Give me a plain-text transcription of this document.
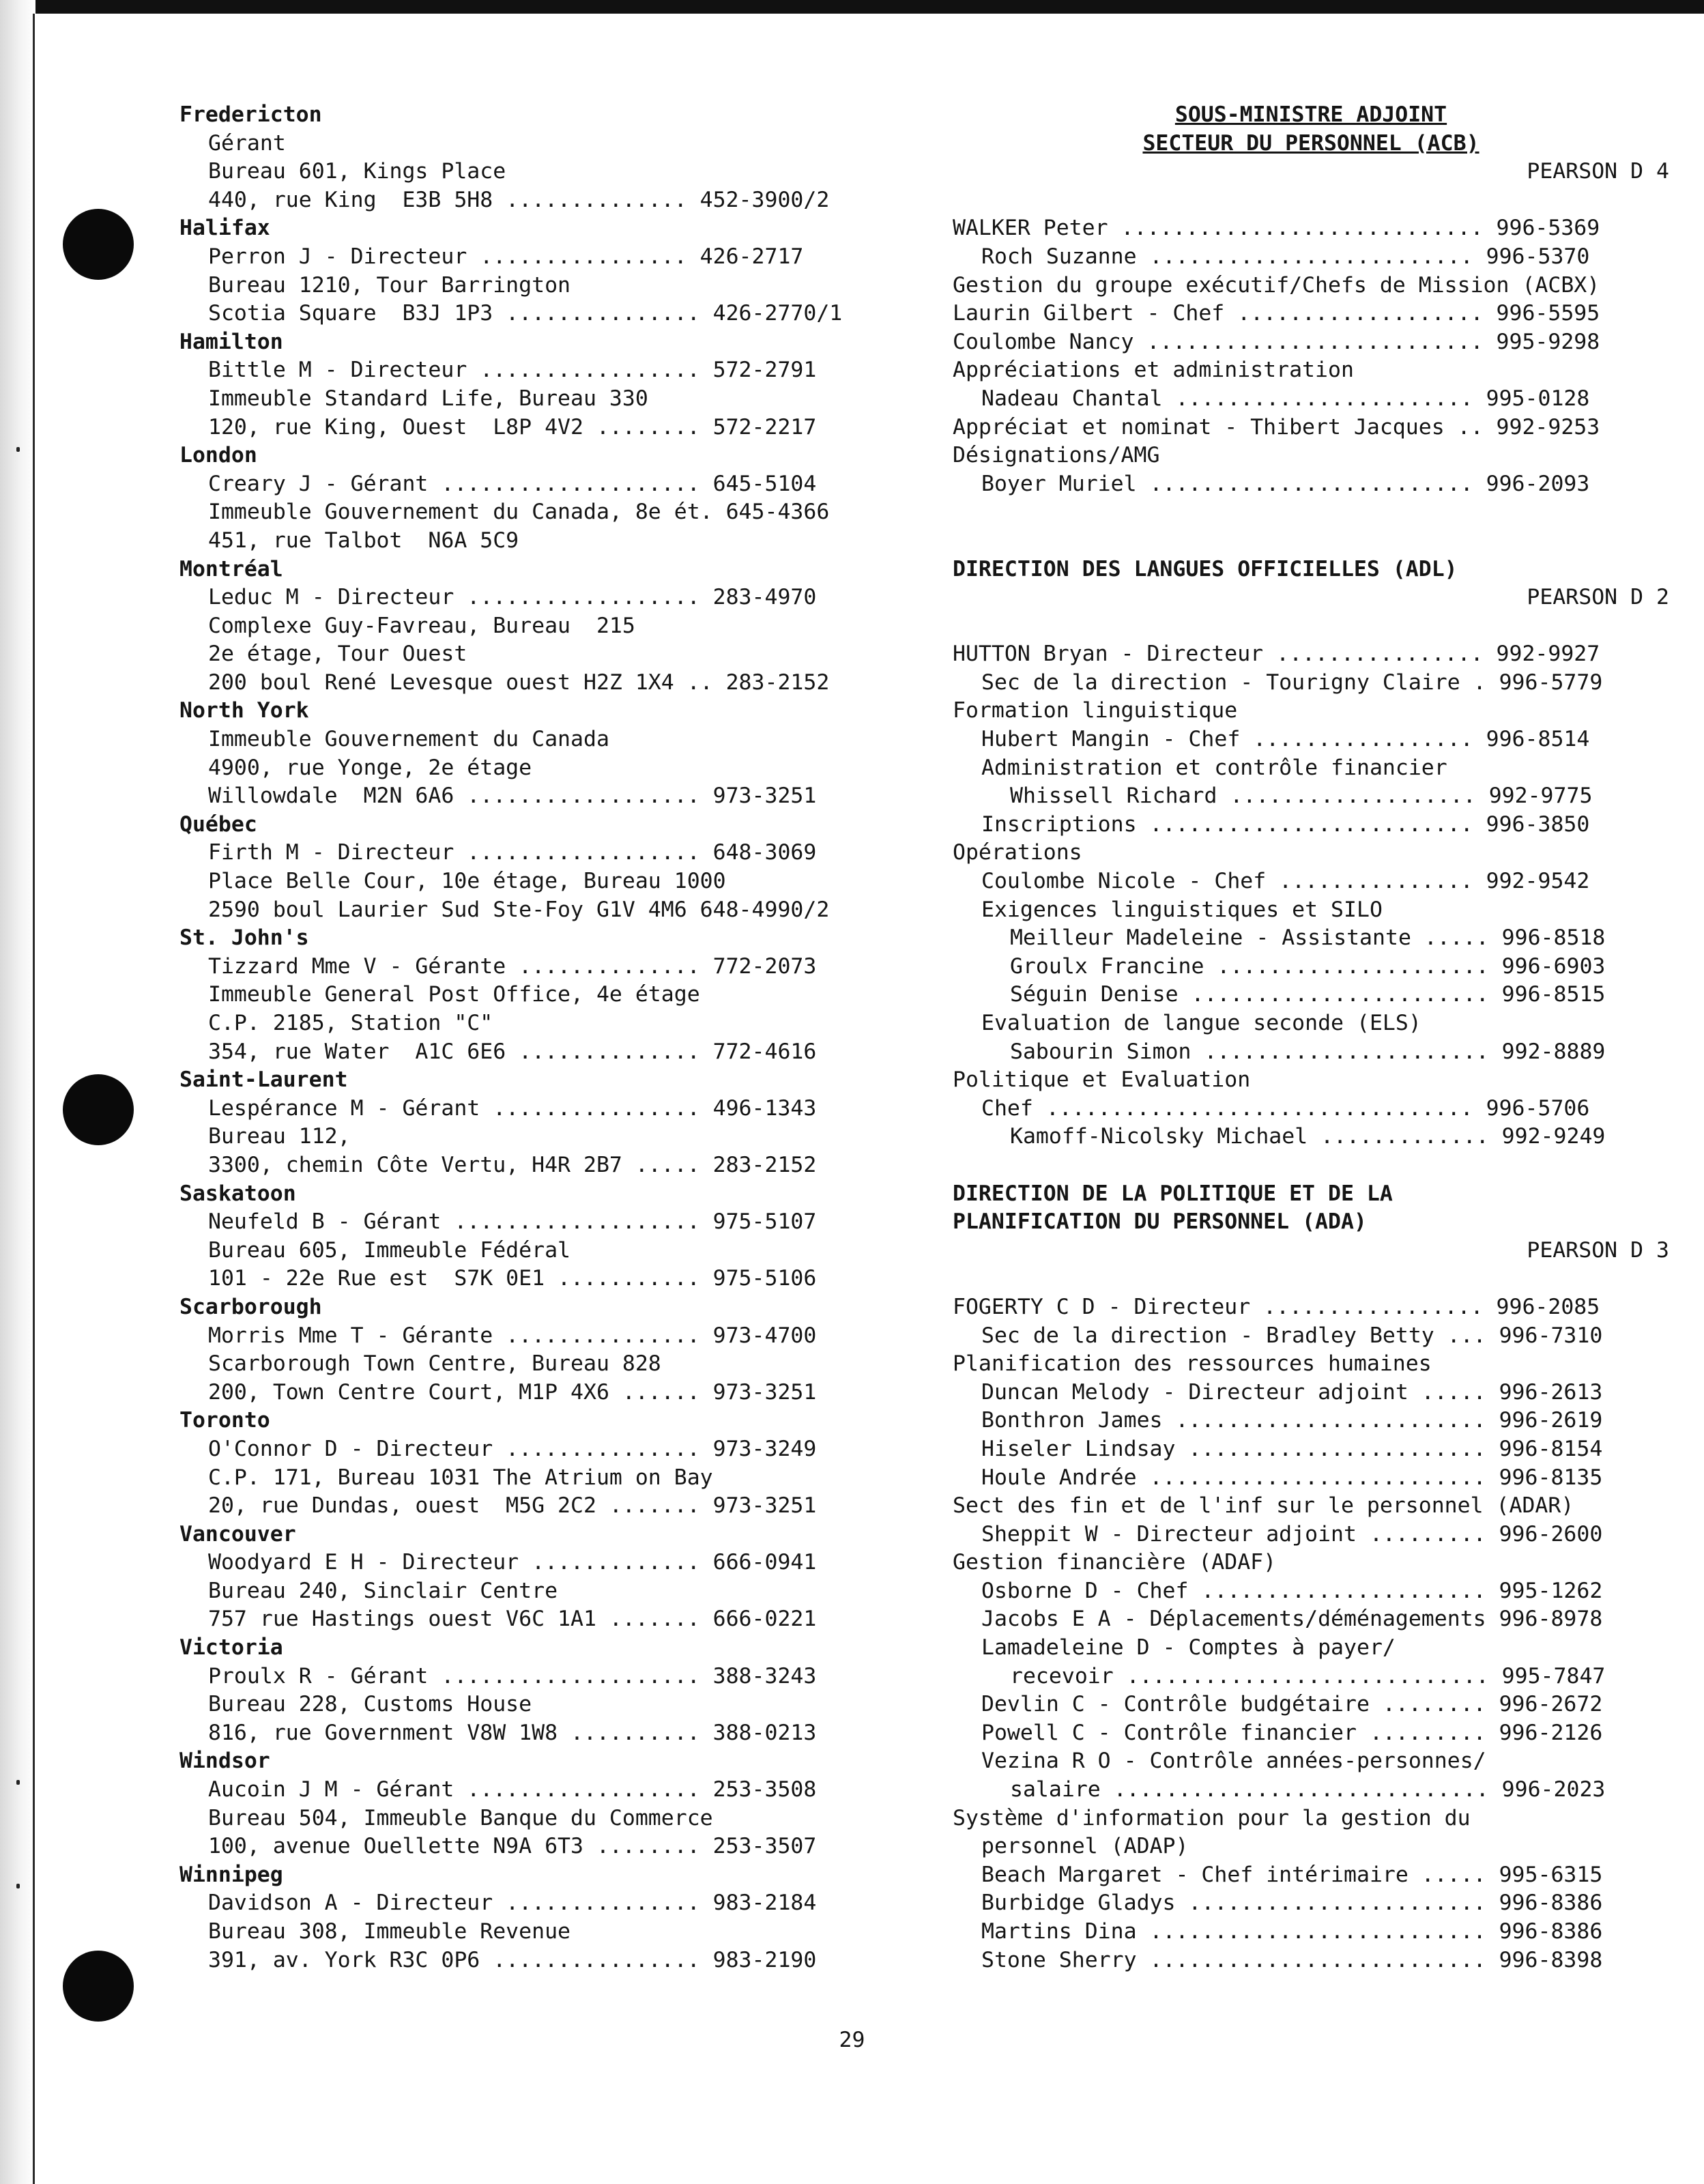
Fredericton
Gérant
Bureau 601, Kings Place
440, rue King  E3B 5H8 .............. 452-3900/2
Halifax
Perron J - Directeur ................ 426-2717
Bureau 1210, Tour Barrington
Scotia Square  B3J 1P3 ............... 426-2770/1
Hamilton
Bittle M - Directeur ................. 572-2791
Immeuble Standard Life, Bureau 330
120, rue King, Ouest  L8P 4V2 ........ 572-2217
London
Creary J - Gérant .................... 645-5104
Immeuble Gouvernement du Canada, 8e ét. 645-4366
451, rue Talbot  N6A 5C9
Montréal
Leduc M - Directeur .................. 283-4970
Complexe Guy-Favreau, Bureau  215
2e étage, Tour Ouest
200 boul René Levesque ouest H2Z 1X4 .. 283-2152
North York
Immeuble Gouvernement du Canada
4900, rue Yonge, 2e étage
Willowdale  M2N 6A6 .................. 973-3251
Québec
Firth M - Directeur .................. 648-3069
Place Belle Cour, 10e étage, Bureau 1000
2590 boul Laurier Sud Ste-Foy G1V 4M6 648-4990/2
St. John's
Tizzard Mme V - Gérante .............. 772-2073
Immeuble General Post Office, 4e étage
C.P. 2185, Station "C"
354, rue Water  A1C 6E6 .............. 772-4616
Saint-Laurent
Lespérance M - Gérant ................ 496-1343
Bureau 112,
3300, chemin Côte Vertu, H4R 2B7 ..... 283-2152
Saskatoon
Neufeld B - Gérant ................... 975-5107
Bureau 605, Immeuble Fédéral
101 - 22e Rue est  S7K 0E1 ........... 975-5106
Scarborough
Morris Mme T - Gérante ............... 973-4700
Scarborough Town Centre, Bureau 828
200, Town Centre Court, M1P 4X6 ...... 973-3251
Toronto
O'Connor D - Directeur ............... 973-3249
C.P. 171, Bureau 1031 The Atrium on Bay
20, rue Dundas, ouest  M5G 2C2 ....... 973-3251
Vancouver
Woodyard E H - Directeur ............. 666-0941
Bureau 240, Sinclair Centre
757 rue Hastings ouest V6C 1A1 ....... 666-0221
Victoria
Proulx R - Gérant .................... 388-3243
Bureau 228, Customs House
816, rue Government V8W 1W8 .......... 388-0213
Windsor
Aucoin J M - Gérant .................. 253-3508
Bureau 504, Immeuble Banque du Commerce
100, avenue Ouellette N9A 6T3 ........ 253-3507
Winnipeg
Davidson A - Directeur ............... 983-2184
Bureau 308, Immeuble Revenue
391, av. York R3C 0P6 ................ 983-2190
SOUS-MINISTRE ADJOINT
SECTEUR DU PERSONNEL (ACB)
PEARSON D 4
WALKER Peter ............................ 996-5369
Roch Suzanne ......................... 996-5370
Gestion du groupe exécutif/Chefs de Mission (ACBX)
Laurin Gilbert - Chef ................... 996-5595
Coulombe Nancy .......................... 995-9298
Appréciations et administration
Nadeau Chantal ....................... 995-0128
Appréciat et nominat - Thibert Jacques .. 992-9253
Désignations/AMG
Boyer Muriel ......................... 996-2093
DIRECTION DES LANGUES OFFICIELLES (ADL)
PEARSON D 2
HUTTON Bryan - Directeur ................ 992-9927
Sec de la direction - Tourigny Claire . 996-5779
Formation linguistique
Hubert Mangin - Chef ................. 996-8514
Administration et contrôle financier
Whissell Richard ................... 992-9775
Inscriptions ......................... 996-3850
Opérations
Coulombe Nicole - Chef ............... 992-9542
Exigences linguistiques et SILO
Meilleur Madeleine - Assistante ..... 996-8518
Groulx Francine ..................... 996-6903
Séguin Denise ....................... 996-8515
Evaluation de langue seconde (ELS)
Sabourin Simon ...................... 992-8889
Politique et Evaluation
Chef ................................. 996-5706
Kamoff-Nicolsky Michael ............. 992-9249
DIRECTION DE LA POLITIQUE ET DE LA
PLANIFICATION DU PERSONNEL (ADA)
PEARSON D 3
FOGERTY C D - Directeur ................. 996-2085
Sec de la direction - Bradley Betty ... 996-7310
Planification des ressources humaines
Duncan Melody - Directeur adjoint ..... 996-2613
Bonthron James ........................ 996-2619
Hiseler Lindsay ....................... 996-8154
Houle Andrée .......................... 996-8135
Sect des fin et de l'inf sur le personnel (ADAR)
Sheppit W - Directeur adjoint ......... 996-2600
Gestion financière (ADAF)
Osborne D - Chef ...................... 995-1262
Jacobs E A - Déplacements/déménagements 996-8978
Lamadeleine D - Comptes à payer/
recevoir ............................ 995-7847
Devlin C - Contrôle budgétaire ........ 996-2672
Powell C - Contrôle financier ......... 996-2126
Vezina R O - Contrôle années-personnes/
salaire ............................. 996-2023
Système d'information pour la gestion du
personnel (ADAP)
Beach Margaret - Chef intérimaire ..... 995-6315
Burbidge Gladys ....................... 996-8386
Martins Dina .......................... 996-8386
Stone Sherry .......................... 996-8398
29
